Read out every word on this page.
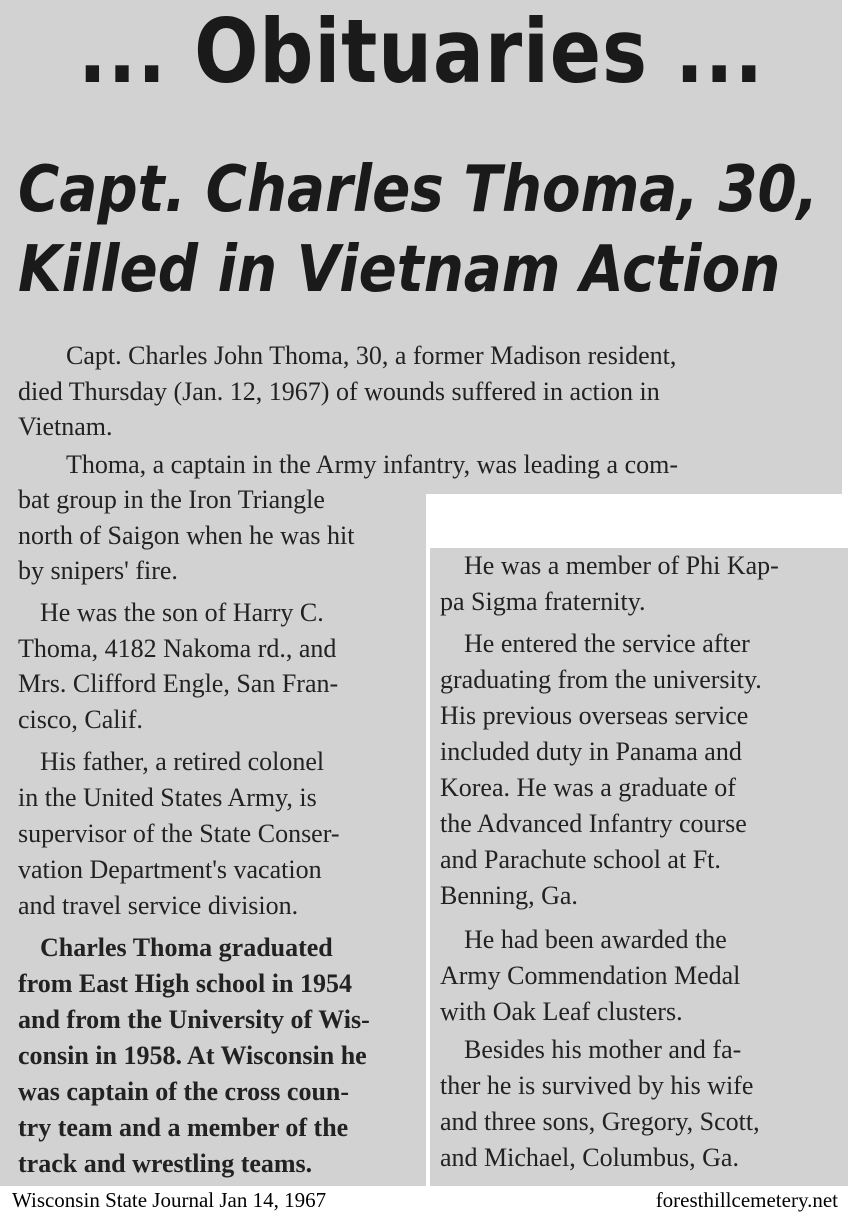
... Obituaries ...
Capt. Charles Thoma, 30,
Killed in Vietnam Action
Capt. Charles John Thoma, 30, a former Madison resident,
died Thursday (Jan. 12, 1967) of wounds suffered in action in
Vietnam.
Thoma, a captain in the Army infantry, was leading a com-
bat group in the Iron Triangle
north of Saigon when he was hit
by snipers' fire.
He was the son of Harry C.
Thoma, 4182 Nakoma rd., and
Mrs. Clifford Engle, San Fran-
cisco, Calif.
His father, a retired colonel
in the United States Army, is
supervisor of the State Conser-
vation Department's vacation
and travel service division.
Charles Thoma graduated
from East High school in 1954
and from the University of Wis-
consin in 1958. At Wisconsin he
was captain of the cross coun-
try team and a member of the
track and wrestling teams.
He was a member of Phi Kap-
pa Sigma fraternity.
He entered the service after
graduating from the university.
His previous overseas service
included duty in Panama and
Korea. He was a graduate of
the Advanced Infantry course
and Parachute school at Ft.
Benning, Ga.
He had been awarded the
Army Commendation Medal
with Oak Leaf clusters.
Besides his mother and fa-
ther he is survived by his wife
and three sons, Gregory, Scott,
and Michael, Columbus, Ga.
Wisconsin State Journal Jan 14, 1967	foresthillcemetery.net
